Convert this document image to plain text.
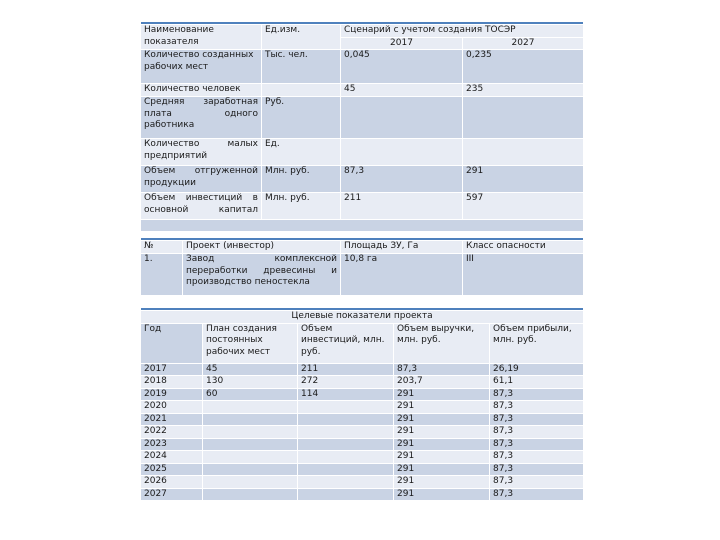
Наименование показателя	Ед.изм.	Сценарий с учетом создания ТОСЭР	
		2017	2027
Количество созданных рабочих мест	Тыс. чел.	0,045	0,235
Количество человек		45	235
Средняя заработная плата одного работника	Руб.		
Количество малых предприятий	Ед.		
Объем отгруженной продукции	Млн. руб.	87,3	291
Объем инвестиций в основной капитал	Млн. руб.	211	597

№	Проект (инвестор)	Площадь ЗУ, Га	Класс опасности
1.	Завод комплексной переработки древесины и производство пеностекла	10,8 га	III

Целевые показатели проекта				
Год	План создания постоянных рабочих мест	Объем инвестиций, млн. руб.	Объем выручки, млн. руб.	Объем прибыли, млн. руб.
2017	45	211	87,3	26,19
2018	130	272	203,7	61,1
2019	60	114	291	87,3
2020			291	87,3
2021			291	87,3
2022			291	87,3
2023			291	87,3
2024			291	87,3
2025			291	87,3
2026			291	87,3
2027			291	87,3
